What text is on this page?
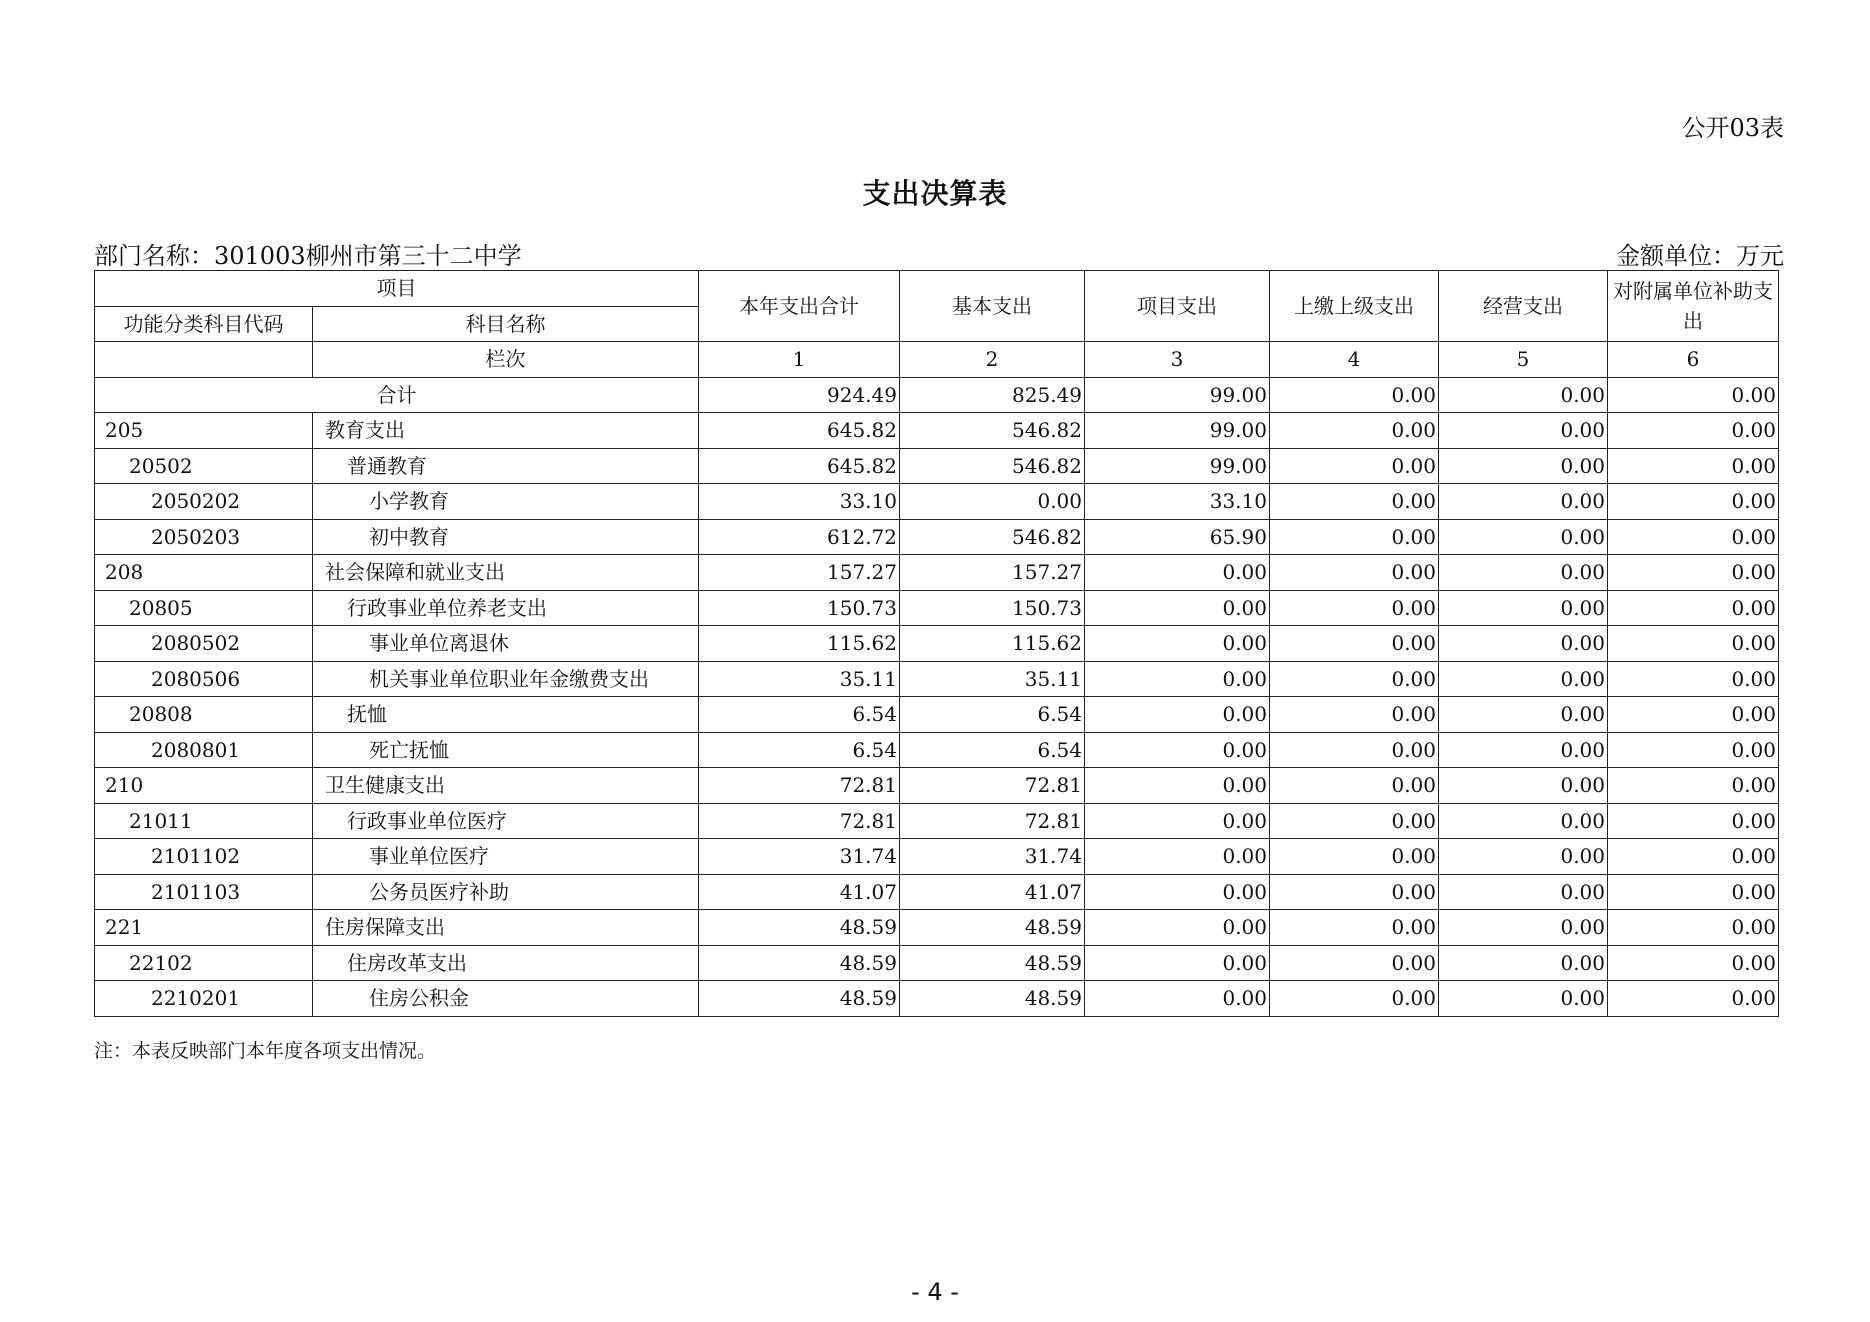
公开03表
支出决算表
部门名称：301003柳州市第三十二中学	金额单位：万元
项目		本年支出合计	基本支出	项目支出	上缴上级支出	经营支出	对附属单位补助支出
功能分类科目代码	科目名称						
	栏次	1	2	3	4	5	6
合计		924.49	825.49	99.00	0.00	0.00	0.00
205	教育支出	645.82	546.82	99.00	0.00	0.00	0.00
20502	普通教育	645.82	546.82	99.00	0.00	0.00	0.00
2050202	小学教育	33.10	0.00	33.10	0.00	0.00	0.00
2050203	初中教育	612.72	546.82	65.90	0.00	0.00	0.00
208	社会保障和就业支出	157.27	157.27	0.00	0.00	0.00	0.00
20805	行政事业单位养老支出	150.73	150.73	0.00	0.00	0.00	0.00
2080502	事业单位离退休	115.62	115.62	0.00	0.00	0.00	0.00
2080506	机关事业单位职业年金缴费支出	35.11	35.11	0.00	0.00	0.00	0.00
20808	抚恤	6.54	6.54	0.00	0.00	0.00	0.00
2080801	死亡抚恤	6.54	6.54	0.00	0.00	0.00	0.00
210	卫生健康支出	72.81	72.81	0.00	0.00	0.00	0.00
21011	行政事业单位医疗	72.81	72.81	0.00	0.00	0.00	0.00
2101102	事业单位医疗	31.74	31.74	0.00	0.00	0.00	0.00
2101103	公务员医疗补助	41.07	41.07	0.00	0.00	0.00	0.00
221	住房保障支出	48.59	48.59	0.00	0.00	0.00	0.00
22102	住房改革支出	48.59	48.59	0.00	0.00	0.00	0.00
2210201	住房公积金	48.59	48.59	0.00	0.00	0.00	0.00
注：本表反映部门本年度各项支出情况。
- 4 -
